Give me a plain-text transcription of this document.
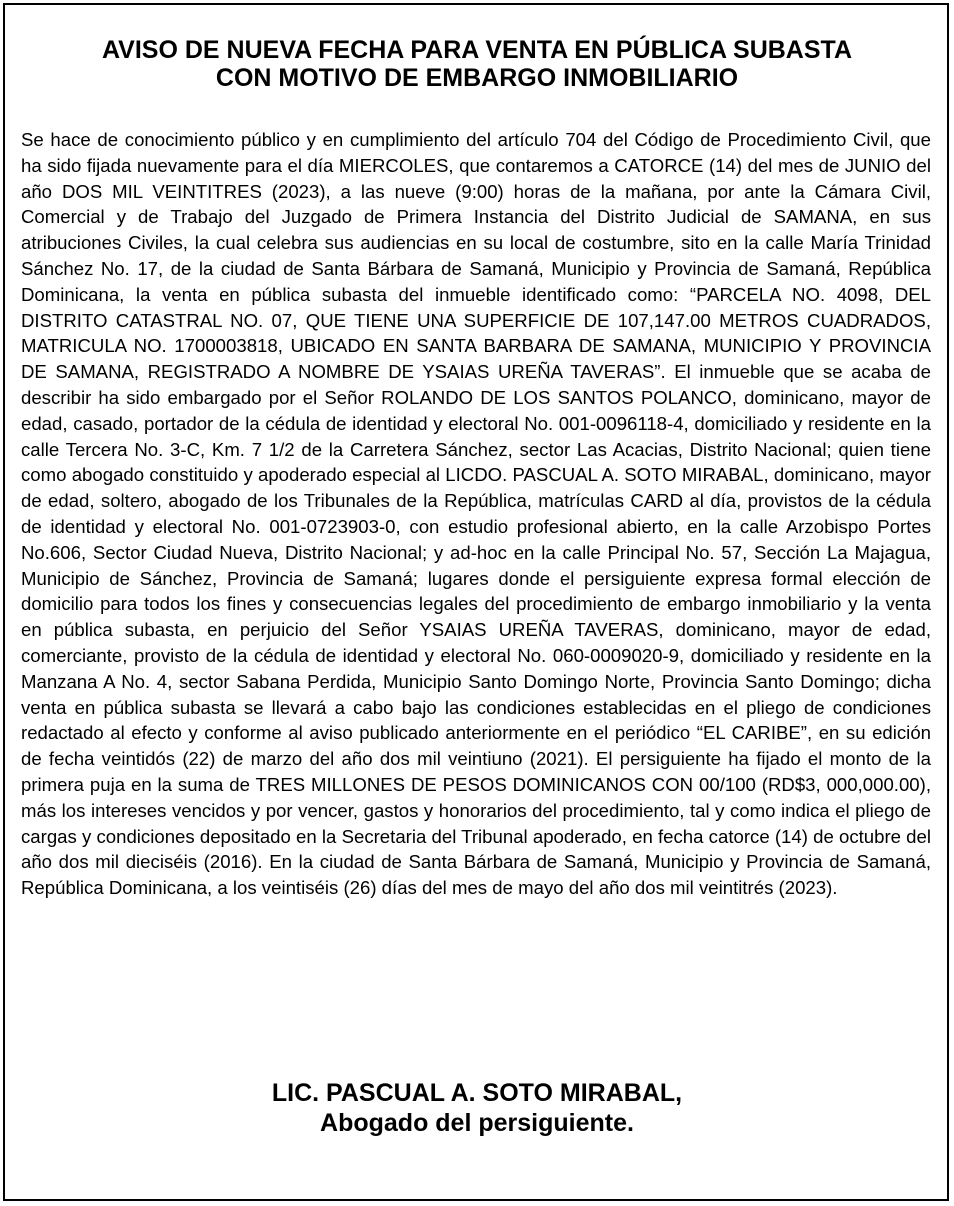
AVISO DE NUEVA FECHA PARA VENTA EN PÚBLICA SUBASTA
CON MOTIVO DE EMBARGO INMOBILIARIO

Se hace de conocimiento público y en cumplimiento del artículo 704 del Código de Procedimiento Civil, que ha sido fijada nuevamente para el día MIERCOLES, que contaremos a CATORCE (14) del mes de JUNIO del año DOS MIL VEINTITRES (2023), a las nueve (9:00) horas de la mañana, por ante la Cámara Civil, Comercial y de Trabajo del Juzgado de Primera Instancia del Distrito Judicial de SAMANA, en sus atribuciones Civiles, la cual celebra sus audiencias en su local de costumbre, sito en la calle María Trinidad Sánchez No. 17, de la ciudad de Santa Bárbara de Samaná, Municipio y Provincia de Samaná, República Dominicana, la venta en pública subasta del inmueble identificado como: “PARCELA NO. 4098, DEL DISTRITO CATASTRAL NO. 07, QUE TIENE UNA SUPERFICIE DE 107,147.00 METROS CUADRADOS, MATRICULA NO. 1700003818, UBICADO EN SANTA BARBARA DE SAMANA, MUNICIPIO Y PROVINCIA DE SAMANA, REGISTRADO A NOMBRE DE YSAIAS UREÑA TAVERAS”. El inmueble que se acaba de describir ha sido embargado por el Señor ROLANDO DE LOS SANTOS POLANCO, dominicano, mayor de edad, casado, portador de la cédula de identidad y electoral No. 001-0096118-4, domiciliado y residente en la calle Tercera No. 3-C, Km. 7 1/2 de la Carretera Sánchez, sector Las Acacias, Distrito Nacional; quien tiene como abogado constituido y apoderado especial al LICDO. PASCUAL A. SOTO MIRABAL, dominicano, mayor de edad, soltero, abogado de los Tribunales de la República, matrículas CARD al día, provistos de la cédula de identidad y electoral No. 001-0723903-0, con estudio profesional abierto, en la calle Arzobispo Portes No.606, Sector Ciudad Nueva, Distrito Nacional; y ad-hoc en la calle Principal No. 57, Sección La Majagua, Municipio de Sánchez, Provincia de Samaná; lugares donde el persiguiente expresa formal elección de domicilio para todos los fines y consecuencias legales del procedimiento de embargo inmobiliario y la venta en pública subasta, en perjuicio del Señor YSAIAS UREÑA TAVERAS, dominicano, mayor de edad, comerciante, provisto de la cédula de identidad y electoral No. 060-0009020-9, domiciliado y residente en la Manzana A No. 4, sector Sabana Perdida, Municipio Santo Domingo Norte, Provincia Santo Domingo; dicha venta en pública subasta se llevará a cabo bajo las condiciones establecidas en el pliego de condiciones redactado al efecto y conforme al aviso publicado anteriormente en el periódico “EL CARIBE”, en su edición de fecha veintidós (22) de marzo del año dos mil veintiuno (2021). El persiguiente ha fijado el monto de la primera puja en la suma de TRES MILLONES DE PESOS DOMINICANOS CON 00/100 (RD$3, 000,000.00), más los intereses vencidos y por vencer, gastos y honorarios del procedimiento, tal y como indica el pliego de cargas y condiciones depositado en la Secretaria del Tribunal apoderado, en fecha catorce (14) de octubre del año dos mil dieciséis (2016). En la ciudad de Santa Bárbara de Samaná, Municipio y Provincia de Samaná, República Dominicana, a los veintiséis (26) días del mes de mayo del año dos mil veintitrés (2023).

LIC. PASCUAL A. SOTO MIRABAL,
Abogado del persiguiente.
